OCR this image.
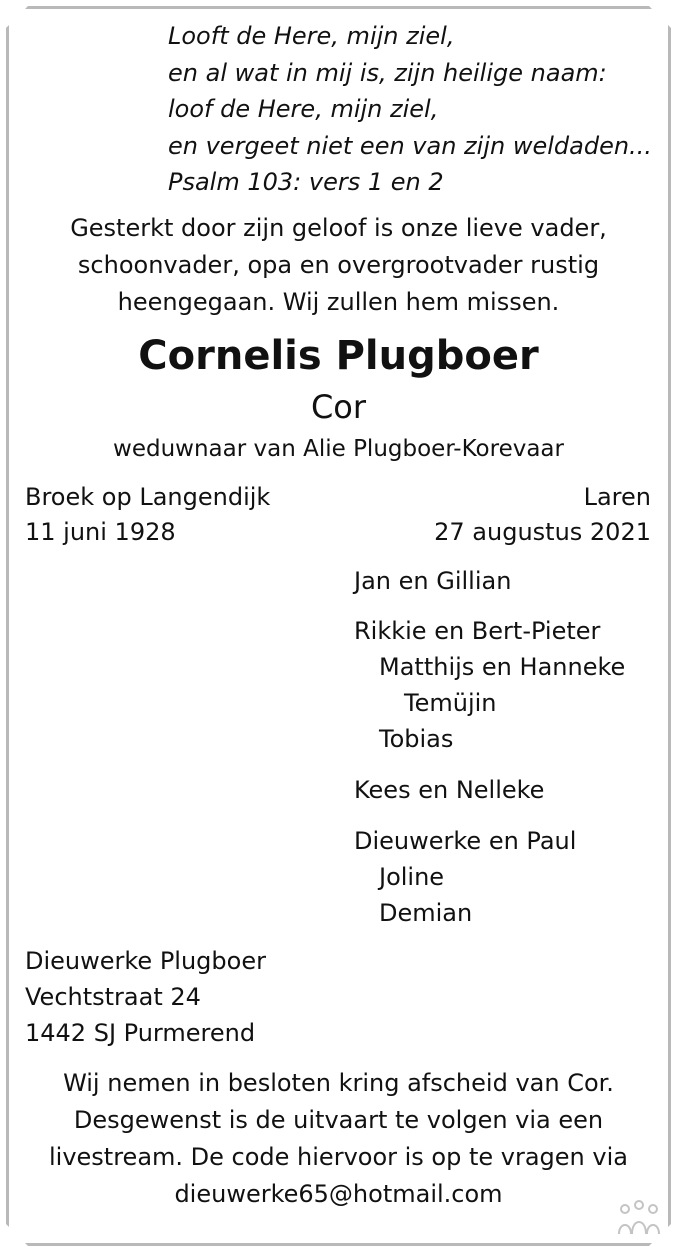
Looft de Here, mijn ziel,
en al wat in mij is, zijn heilige naam:
loof de Here, mijn ziel,
en vergeet niet een van zijn weldaden...
Psalm 103: vers 1 en 2
Gesterkt door zijn geloof is onze lieve vader,
schoonvader, opa en overgrootvader rustig
heengegaan. Wij zullen hem missen.
Cornelis Plugboer
Cor
weduwnaar van Alie Plugboer-Korevaar
Broek op Langendijk
11 juni 1928
Laren
27 augustus 2021
Jan en Gillian
Rikkie en Bert-Pieter
Matthijs en Hanneke
Temüjin
Tobias
Kees en Nelleke
Dieuwerke en Paul
Joline
Demian
Dieuwerke Plugboer
Vechtstraat 24
1442 SJ Purmerend
Wij nemen in besloten kring afscheid van Cor.
Desgewenst is de uitvaart te volgen via een
livestream. De code hiervoor is op te vragen via
dieuwerke65@hotmail.com
